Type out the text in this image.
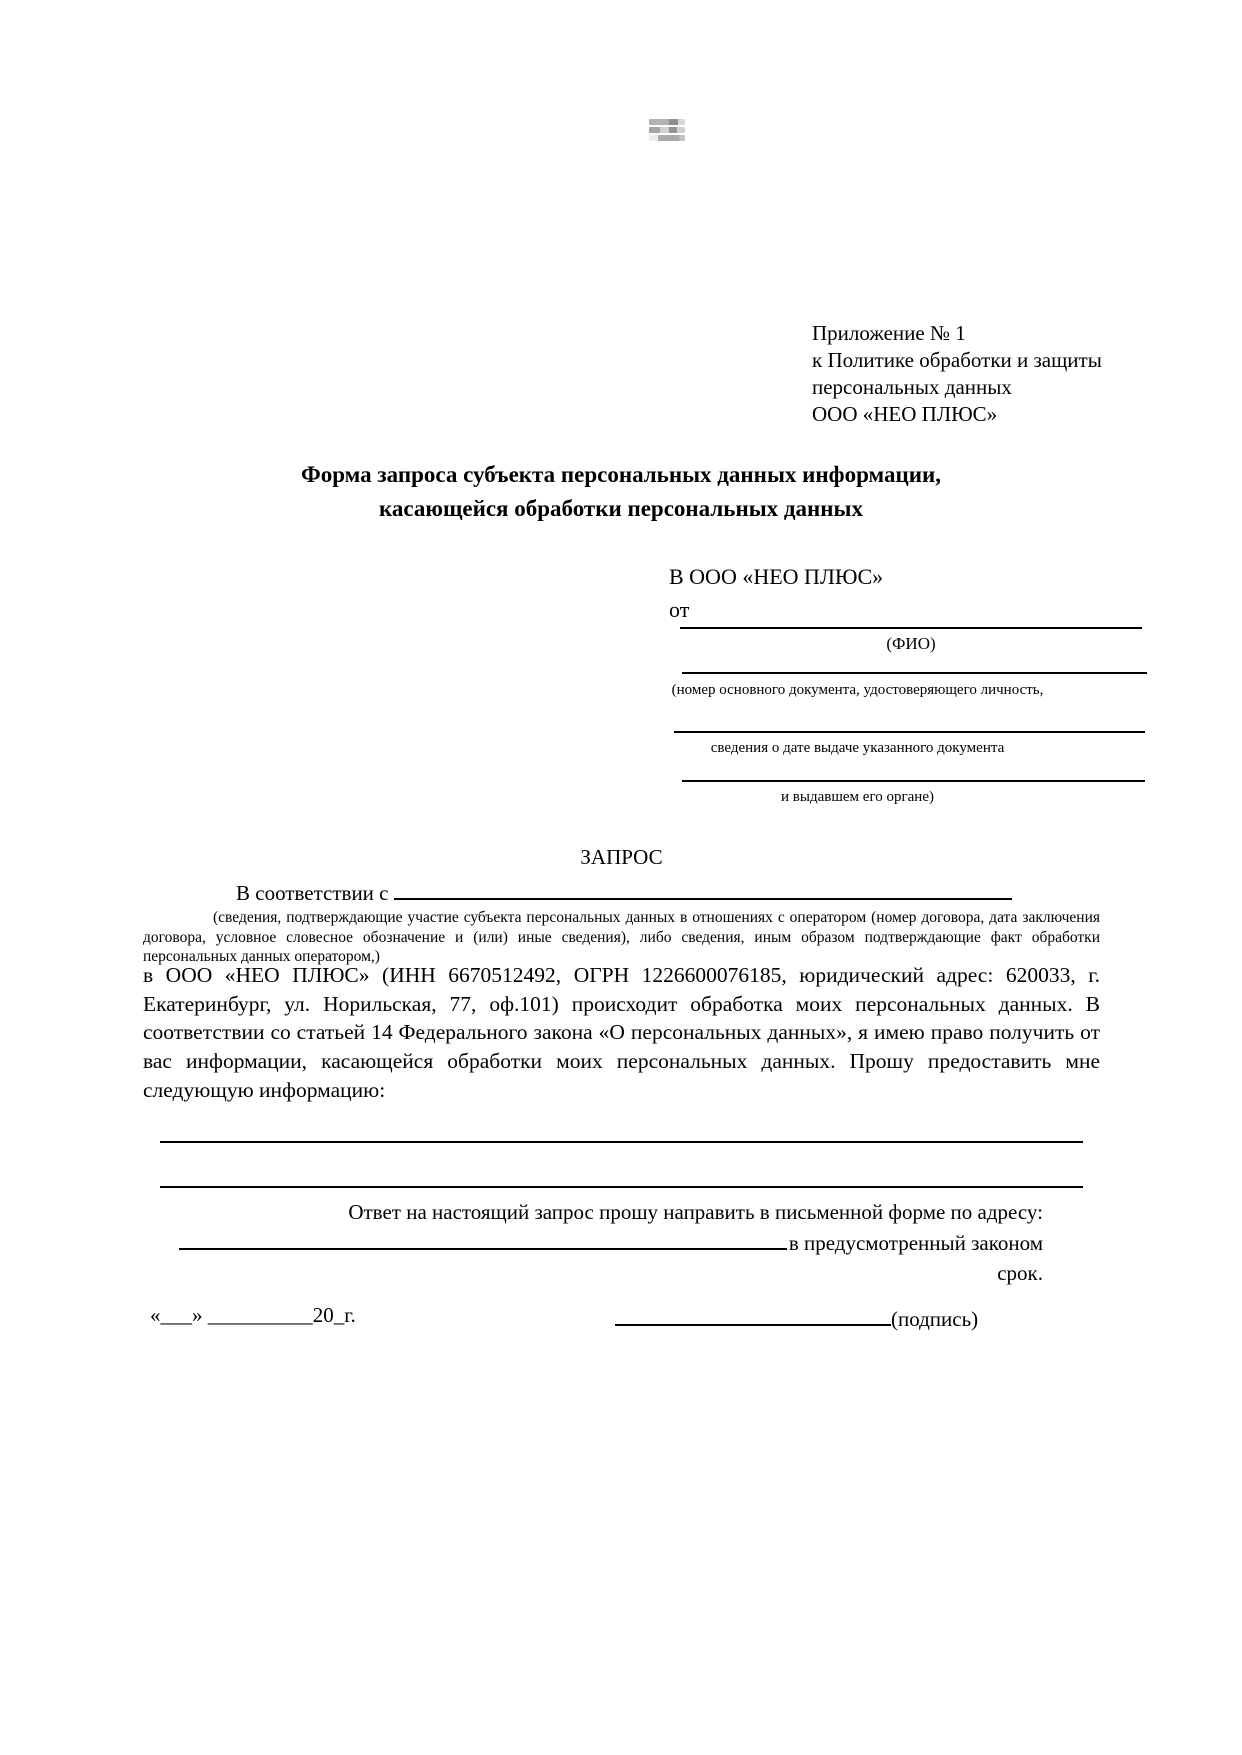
Приложение № 1
к Политике обработки и защиты
персональных данных
ООО «НЕО ПЛЮС»
Форма запроса субъекта персональных данных информации,
касающейся обработки персональных данных
В ООО «НЕО ПЛЮС»
от
(ФИО)
(номер основного документа, удостоверяющего личность,
сведения о дате выдаче указанного документа
и выдавшем его органе)
ЗАПРОС
В соответствии с
(сведения, подтверждающие участие субъекта персональных данных в отношениях с оператором (номер договора, дата заключения договора, условное словесное обозначение и (или) иные сведения), либо сведения, иным образом подтверждающие факт обработки персональных данных оператором,)
в ООО «НЕО ПЛЮС» (ИНН 6670512492, ОГРН 1226600076185, юридический адрес: 620033, г. Екатеринбург, ул. Норильская, 77, оф.101) происходит обработка моих персональных данных. В соответствии со статьей 14 Федерального закона «О персональных данных», я имею право получить от вас информации, касающейся обработки моих персональных данных. Прошу предоставить мне следующую информацию:
Ответ на настоящий запрос прошу направить в письменной форме по адресу:
в предусмотренный законом срок.
«___» __________20_г.	(подпись)
